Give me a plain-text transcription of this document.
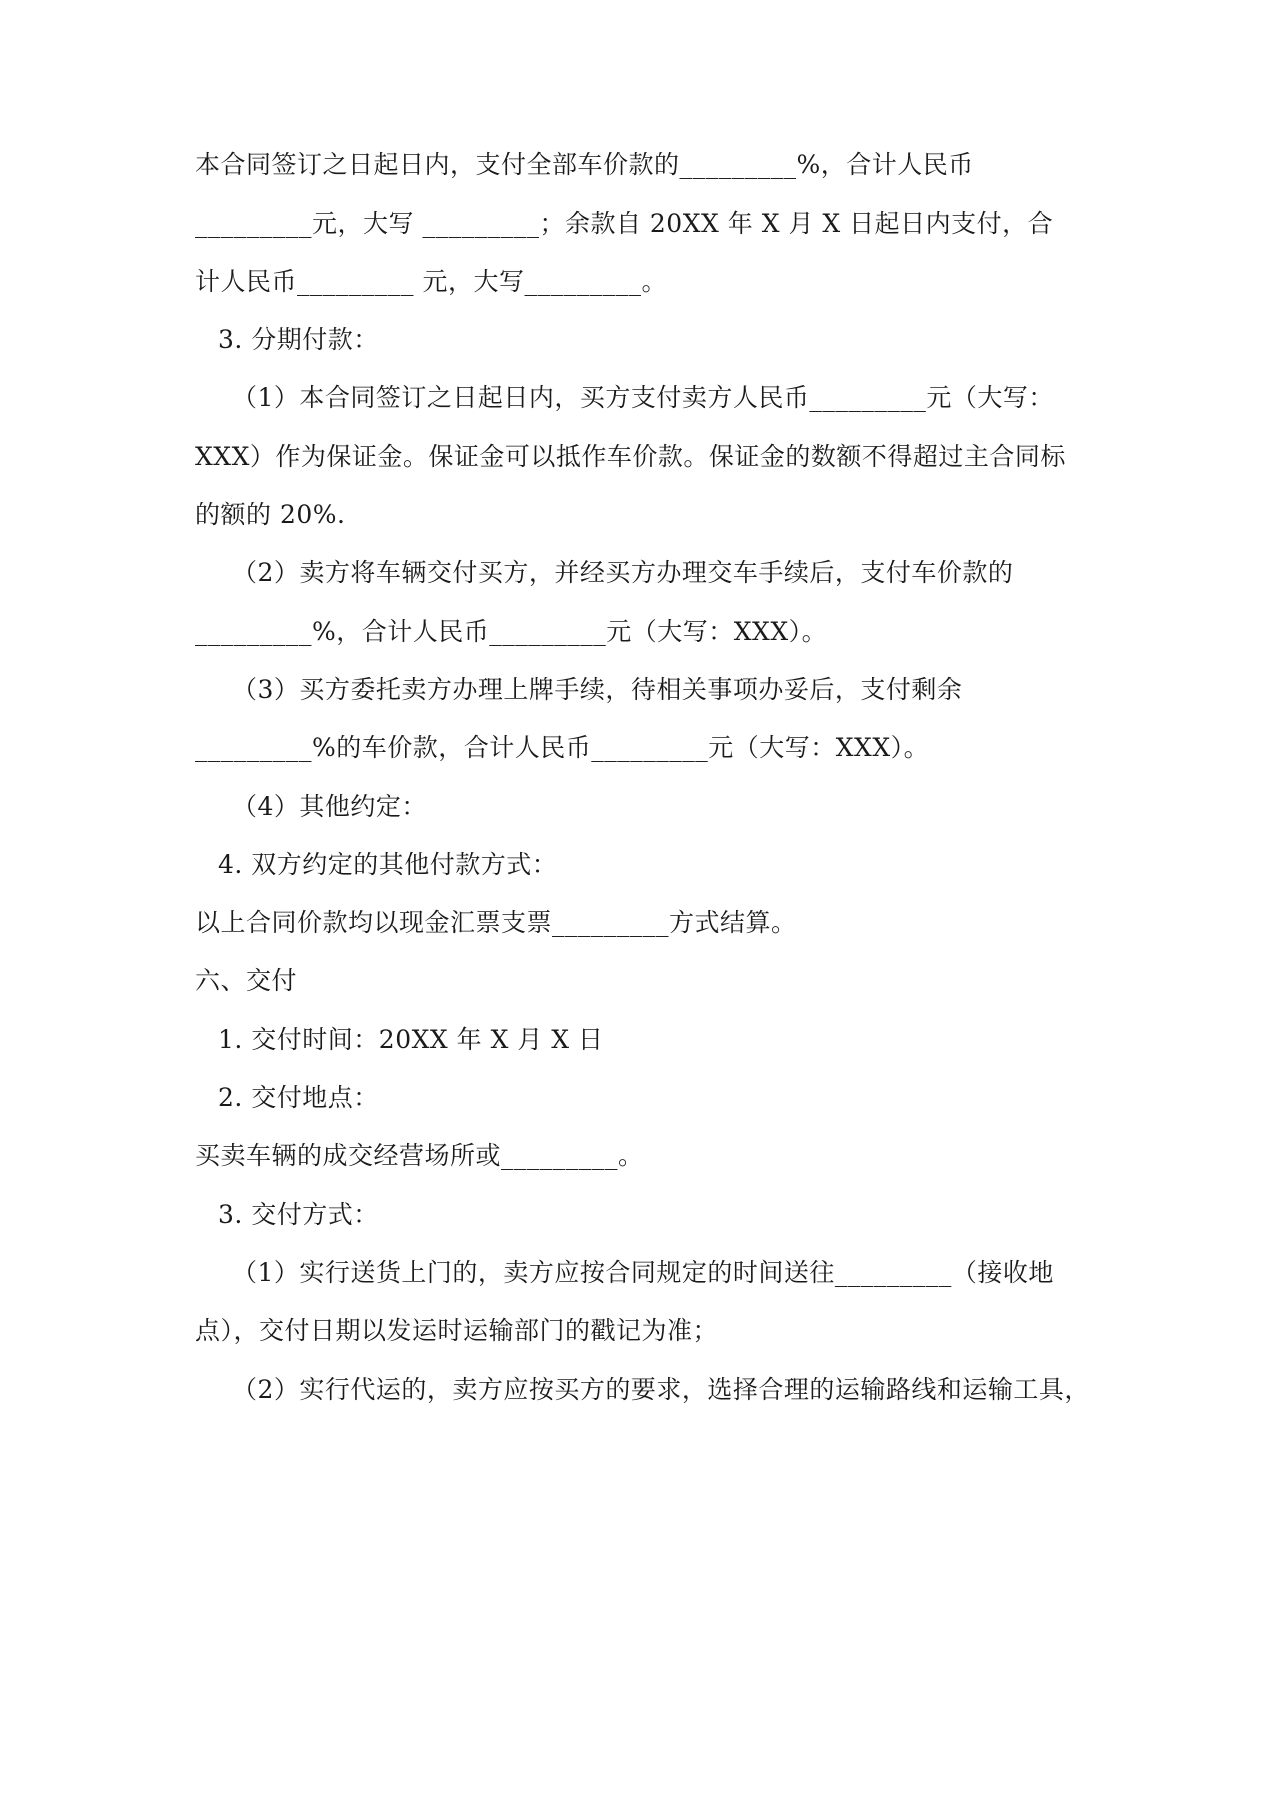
本合同签订之日起日内，支付全部车价款的_________%，合计人民币
_________元，大写 _________；余款自 20XX 年 X 月 X 日起日内支付，合
计人民币_________ 元，大写_________。
3. 分期付款：
（1）本合同签订之日起日内，买方支付卖方人民币_________元（大写：
XXX）作为保证金。保证金可以抵作车价款。保证金的数额不得超过主合同标
的额的 20%.
（2）卖方将车辆交付买方，并经买方办理交车手续后，支付车价款的
_________%，合计人民币_________元（大写：XXX）。
（3）买方委托卖方办理上牌手续，待相关事项办妥后，支付剩余
_________%的车价款，合计人民币_________元（大写：XXX）。
（4）其他约定：
4. 双方约定的其他付款方式：
以上合同价款均以现金汇票支票_________方式结算。
六、交付
1. 交付时间：20XX 年 X 月 X 日
2. 交付地点：
买卖车辆的成交经营场所或_________。
3. 交付方式：
（1）实行送货上门的，卖方应按合同规定的时间送往_________（接收地
点），交付日期以发运时运输部门的戳记为准；
（2）实行代运的，卖方应按买方的要求，选择合理的运输路线和运输工具，
